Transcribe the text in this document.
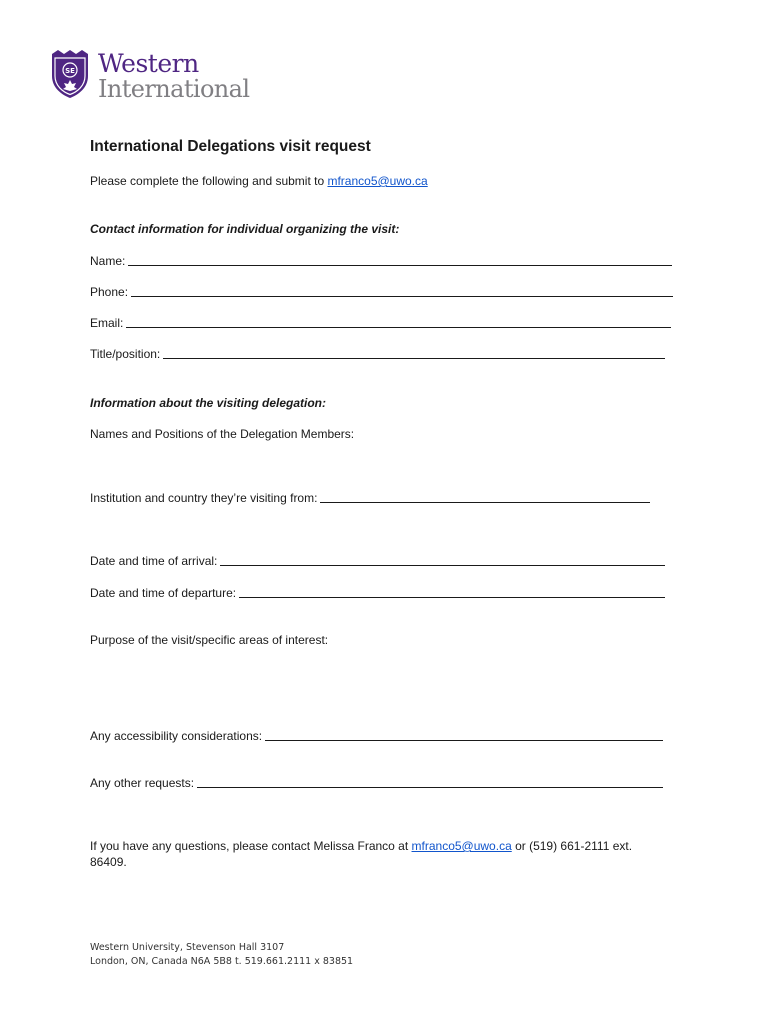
SE Western
International
International Delegations visit request
Please complete the following and submit to mfranco5@uwo.ca
Contact information for individual organizing the visit:
Name:
Phone:
Email:
Title/position:
Information about the visiting delegation:
Names and Positions of the Delegation Members:
Institution and country they’re visiting from:
Date and time of arrival:
Date and time of departure:
Purpose of the visit/specific areas of interest:
Any accessibility considerations:
Any other requests:
If you have any questions, please contact Melissa Franco at mfranco5@uwo.ca or (519) 661-2111 ext.
86409.
Western University, Stevenson Hall 3107
London, ON, Canada N6A 5B8 t. 519.661.2111 x 83851
